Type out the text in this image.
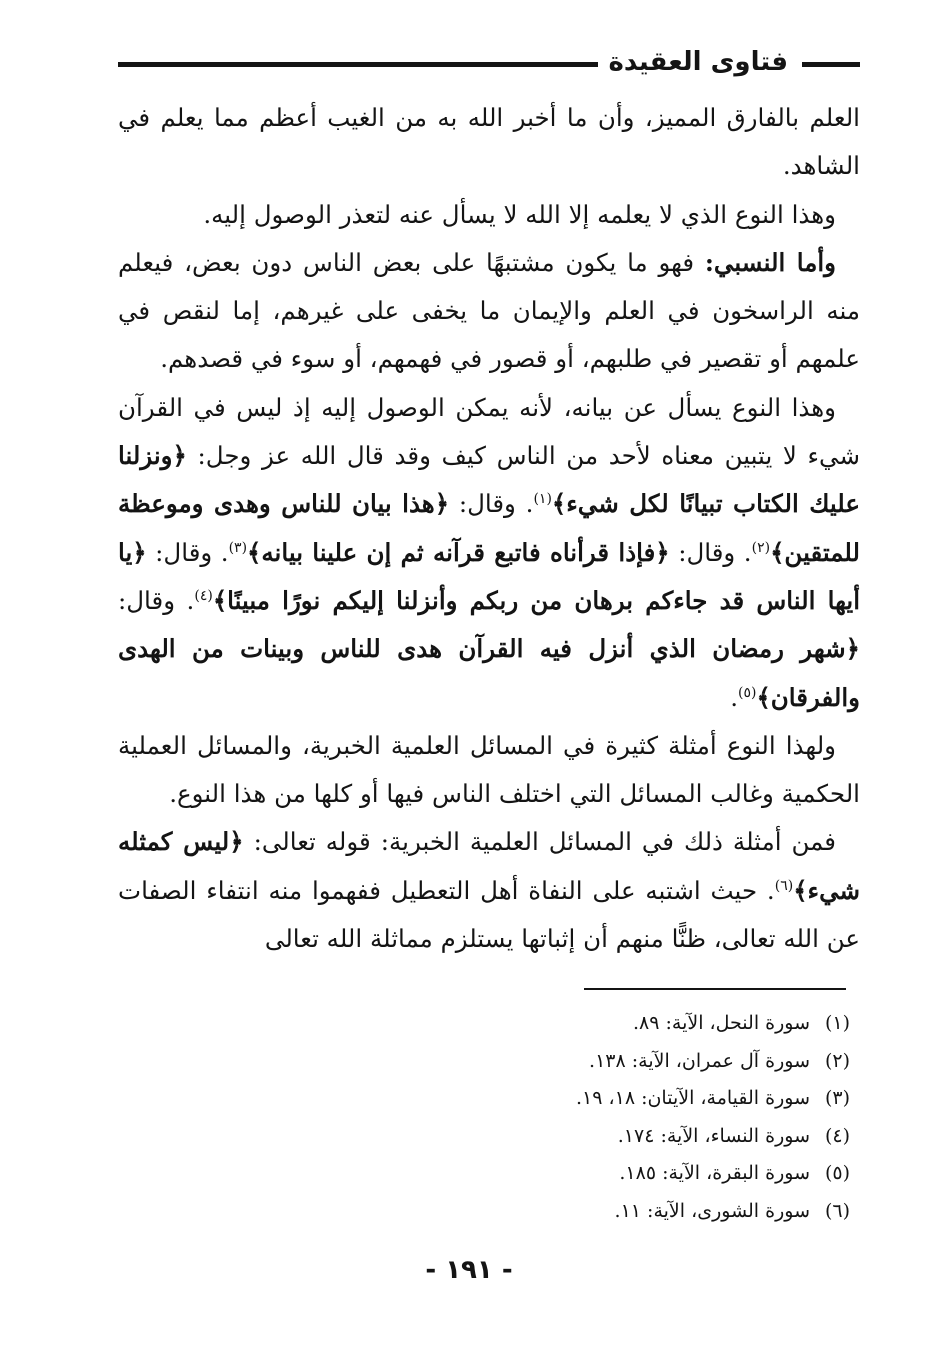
فتاوى العقيدة

العلم بالفارق المميز، وأن ما أخبر الله به من الغيب أعظم مما يعلم في الشاهد.

وهذا النوع الذي لا يعلمه إلا الله لا يسأل عنه لتعذر الوصول إليه.

وأما النسبي: فهو ما يكون مشتبهًا على بعض الناس دون بعض، فيعلم منه الراسخون في العلم والإيمان ما يخفى على غيرهم، إما لنقص في علمهم أو تقصير في طلبهم، أو قصور في فهمهم، أو سوء في قصدهم.

وهذا النوع يسأل عن بيانه، لأنه يمكن الوصول إليه إذ ليس في القرآن شيء لا يتبين معناه لأحد من الناس كيف وقد قال الله عز وجل: ﴿ونزلنا عليك الكتاب تبيانًا لكل شيء﴾$^{(١)}$. وقال: ﴿هذا بيان للناس وهدى وموعظة للمتقين﴾$^{(٢)}$. وقال: ﴿فإذا قرأناه فاتبع قرآنه ثم إن علينا بيانه﴾$^{(٣)}$. وقال: ﴿يا أيها الناس قد جاءكم برهان من ربكم وأنزلنا إليكم نورًا مبينًا﴾$^{(٤)}$. وقال: ﴿شهر رمضان الذي أنزل فيه القرآن هدى للناس وبينات من الهدى والفرقان﴾$^{(٥)}$.

ولهذا النوع أمثلة كثيرة في المسائل العلمية الخبرية، والمسائل العملية الحكمية وغالب المسائل التي اختلف الناس فيها أو كلها من هذا النوع.

فمن أمثلة ذلك في المسائل العلمية الخبرية: قوله تعالى: ﴿ليس كمثله شيء﴾$^{(٦)}$. حيث اشتبه على النفاة أهل التعطيل ففهموا منه انتفاء الصفات عن الله تعالى، ظنًّا منهم أن إثباتها يستلزم مماثلة الله تعالى

(١)سورة النحل، الآية: ٨٩.
(٢)سورة آل عمران، الآية: ١٣٨.
(٣)سورة القيامة، الآيتان: ١٨، ١٩.
(٤)سورة النساء، الآية: ١٧٤.
(٥)سورة البقرة، الآية: ١٨٥.
(٦)سورة الشورى، الآية: ١١.
- ١٩١ -
